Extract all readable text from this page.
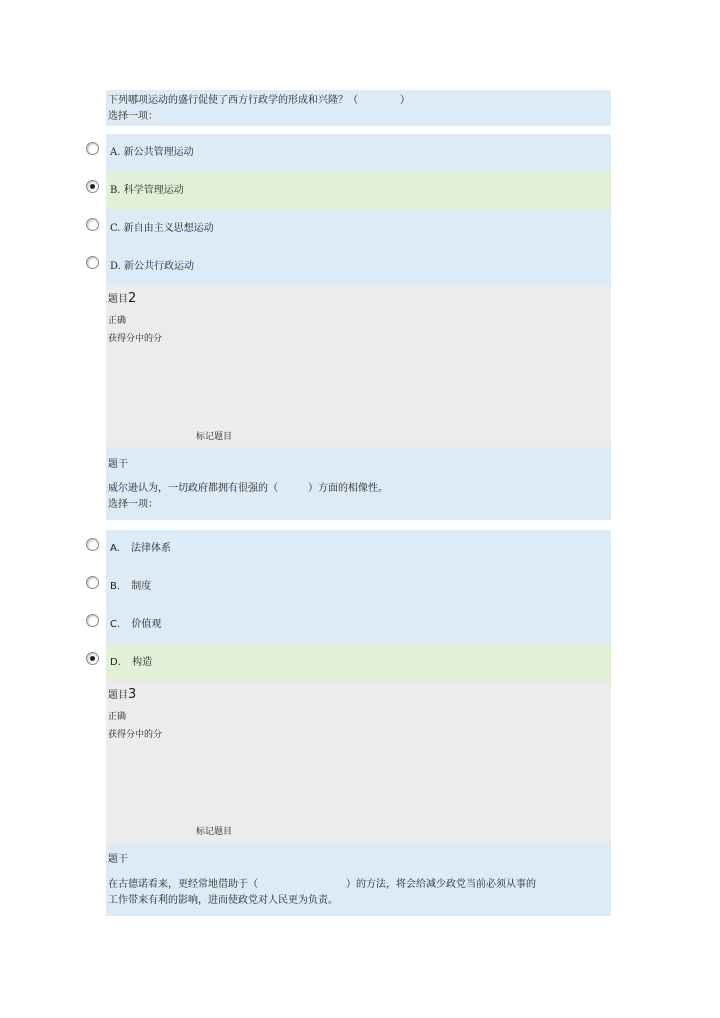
下列哪项运动的盛行促使了西方行政学的形成和兴隆？（	）
选择一项：
A. 新公共管理运动
B. 科学管理运动
C. 新自由主义思想运动
D. 新公共行政运动
题目2
正确
获得分中的分
标记题目
题干
威尔逊认为，一切政府都拥有很强的（	）方面的相像性。
选择一项：
A. 法律体系
B. 制度
C. 价值观
D. 构造
题目3
正确
获得分中的分
标记题目
题干
在古德诺看来，更经常地借助于（	）的方法，将会给减少政党当前必须从事的
工作带来有利的影响，进而使政党对人民更为负责。
